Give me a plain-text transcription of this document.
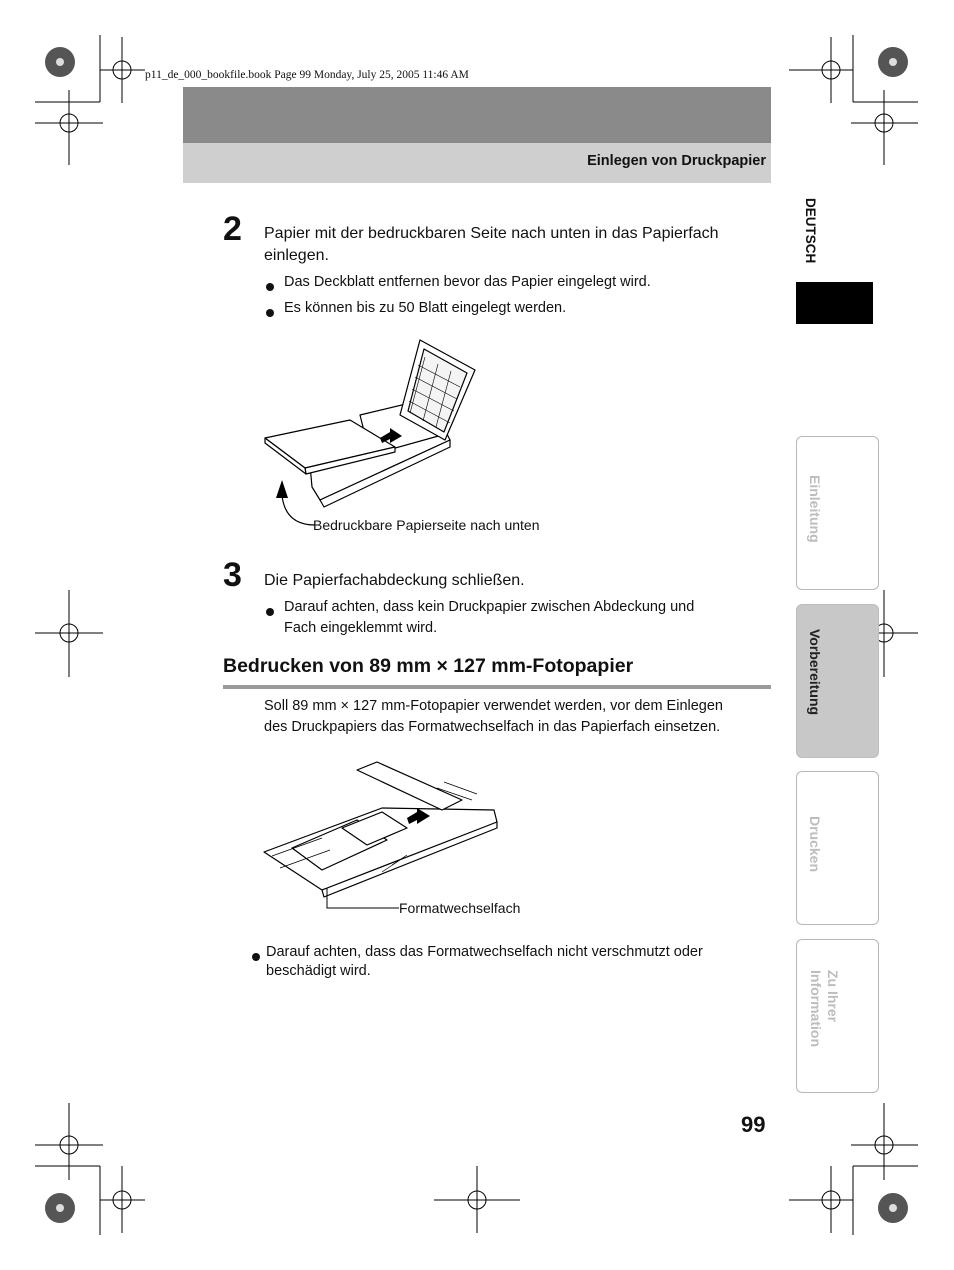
p11_de_000_bookfile.book Page 99 Monday, July 25, 2005 11:46 AM
Einlegen von Druckpapier
DEUTSCH
Einleitung
Vorbereitung
Drucken
Zu Ihrer Information
2 Papier mit der bedruckbaren Seite nach unten in das Papierfach
einlegen.
Das Deckblatt entfernen bevor das Papier eingelegt wird.
Es können bis zu 50 Blatt eingelegt werden.
Bedruckbare Papierseite nach unten
3 Die Papierfachabdeckung schließen.
Darauf achten, dass kein Druckpapier zwischen Abdeckung und
Fach eingeklemmt wird.
Bedrucken von 89 mm × 127 mm-Fotopapier
Soll 89 mm × 127 mm-Fotopapier verwendet werden, vor dem Einlegen
des Druckpapiers das Formatwechselfach in das Papierfach einsetzen.
Formatwechselfach
Darauf achten, dass das Formatwechselfach nicht verschmutzt oder
beschädigt wird.
99
